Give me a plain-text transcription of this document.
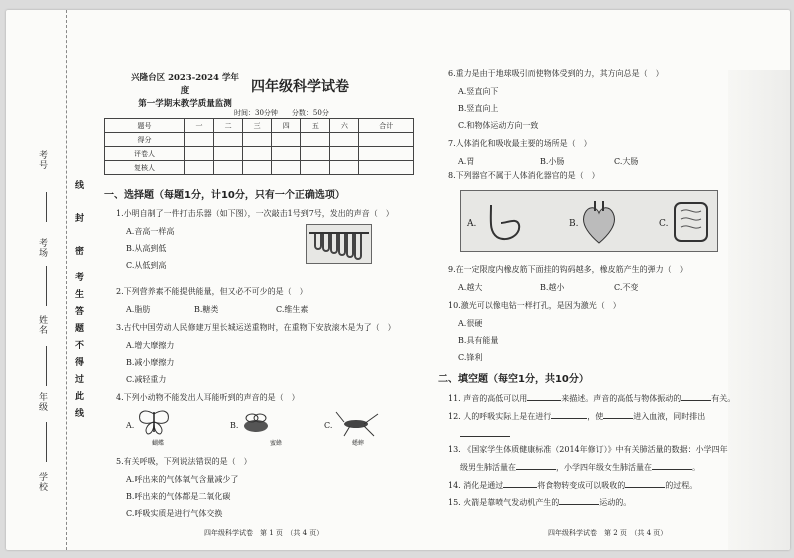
考号
考场
姓名
年级
学校
线封密
考生答题不得过此线
兴隆台区 2023-2024 学年度
第一学期末教学质量监测
四年级科学试卷
时间：30分钟　　分数：50分
题号	一	二	三	四	五	六	合计
得分							
评卷人							
复核人							
一、选择题（每题1分，计10分，只有一个正确选项）
1.小明自制了一件打击乐器（如下图），一次敲击1号到7号，发出的声音（　）
A.音高一样高
B.从高到低
C.从低到高
2.下列营养素不能提供能量，但又必不可少的是（　）
A.脂肪	B.糖类	C.维生素
3.古代中国劳动人民修建万里长城运送重物时，在重物下安放滚木是为了（　）
A.增大摩擦力
B.减小摩擦力
C.减轻重力
4.下列小动物不能发出人耳能听到的声音的是（　）
A.
蝴蝶
B.
蜜蜂
C.
蟋蟀
5.有关呼吸，下列说法错误的是（　）
A.呼出来的气体氧气含量减少了
B.呼出来的气体都是二氧化碳
C.呼吸实质是进行气体交换
四年级科学试卷　第 1 页　（共 4 页）
6.重力是由于地球吸引而使物体受到的力，其方向总是（　）
A.竖直向下
B.竖直向上
C.和物体运动方向一致
7.人体消化和吸收最主要的场所是（　）
A.胃	B.小肠	C.大肠
8.下列器官不属于人体消化器官的是（　）
A.	B.	C.
9.在一定限度内橡皮筋下面挂的钩码越多，橡皮筋产生的弹力（　）
A.越大	B.越小	C.不变
10.激光可以像电钻一样打孔，是因为激光（　）
A.很硬
B.具有能量
C.锋利
二、填空题（每空1分，共10分）
11. 声音的高低可以用	来描述。声音的高低与物体振动的	有关。
12. 人的呼吸实际上是在进行	，使	进入血液，同时排出
13. 《国家学生体质健康标准（2014年修订）》中有关肺活量的数据：小学四年
级男生肺活量在	，小学四年级女生肺活量在	。
14. 消化是通过	将食物转变成可以吸收的	的过程。
15. 火箭是靠喷气发动机产生的	运动的。
四年级科学试卷　第 2 页　（共 4 页）
